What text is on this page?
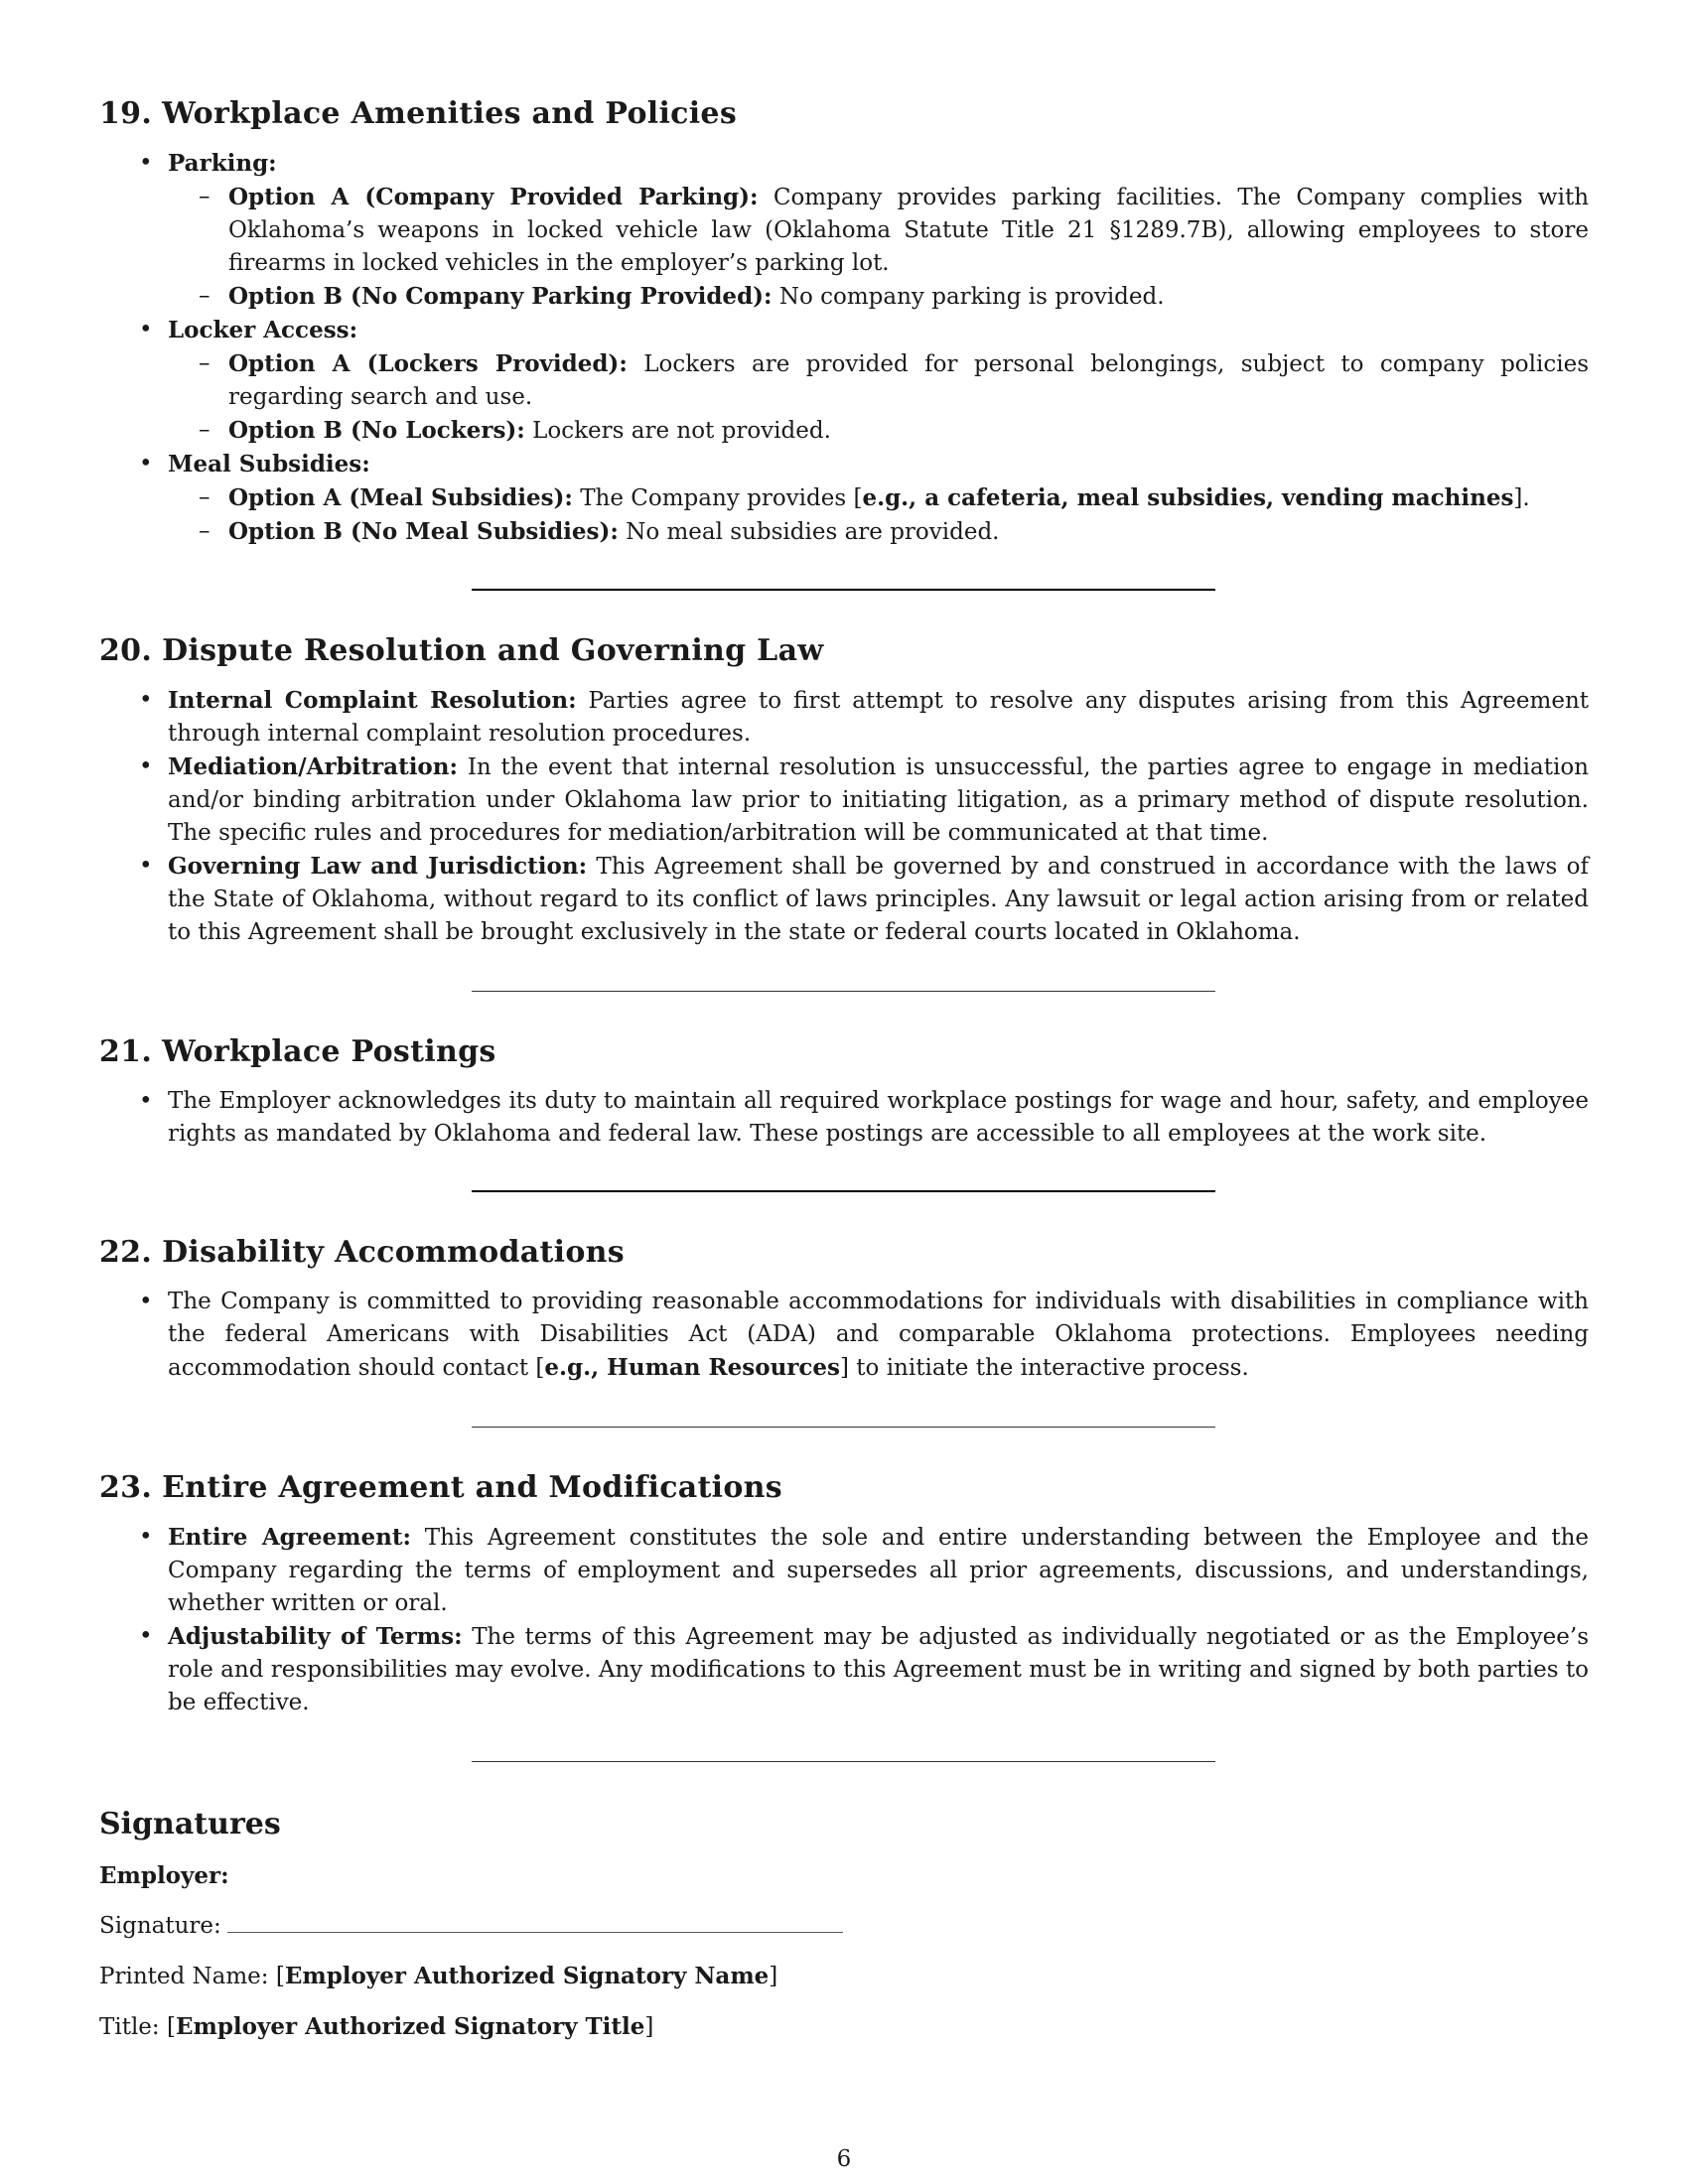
19. Workplace Amenities and Policies
• Parking:
– Option A (Company Provided Parking): Company provides parking facilities. The Company complies with Oklahoma’s weapons in locked vehicle law (Oklahoma Statute Title 21 §1289.7B), allowing employees to store firearms in locked vehicles in the employer’s parking lot.
– Option B (No Company Parking Provided): No company parking is provided.
• Locker Access:
– Option A (Lockers Provided): Lockers are provided for personal belongings, subject to company policies regarding search and use.
– Option B (No Lockers): Lockers are not provided.
• Meal Subsidies:
– Option A (Meal Subsidies): The Company provides [e.g., a cafeteria, meal subsidies, vending machines].
– Option B (No Meal Subsidies): No meal subsidies are provided.
20. Dispute Resolution and Governing Law
• Internal Complaint Resolution: Parties agree to first attempt to resolve any disputes arising from this Agreement through internal complaint resolution procedures.
• Mediation/Arbitration: In the event that internal resolution is unsuccessful, the parties agree to engage in mediation and/or binding arbitration under Oklahoma law prior to initiating litigation, as a primary method of dispute resolution. The specific rules and procedures for mediation/arbitration will be communicated at that time.
• Governing Law and Jurisdiction: This Agreement shall be governed by and construed in accordance with the laws of the State of Oklahoma, without regard to its conflict of laws principles. Any lawsuit or legal action arising from or related to this Agreement shall be brought exclusively in the state or federal courts located in Oklahoma.
21. Workplace Postings
• The Employer acknowledges its duty to maintain all required workplace postings for wage and hour, safety, and employee rights as mandated by Oklahoma and federal law. These postings are accessible to all employees at the work site.
22. Disability Accommodations
• The Company is committed to providing reasonable accommodations for individuals with disabilities in compliance with the federal Americans with Disabilities Act (ADA) and comparable Oklahoma protections. Employees needing accommodation should contact [e.g., Human Resources] to initiate the interactive process.
23. Entire Agreement and Modifications
• Entire Agreement: This Agreement constitutes the sole and entire understanding between the Employee and the Company regarding the terms of employment and supersedes all prior agreements, discussions, and understandings, whether written or oral.
• Adjustability of Terms: The terms of this Agreement may be adjusted as individually negotiated or as the Employee’s role and responsibilities may evolve. Any modifications to this Agreement must be in writing and signed by both parties to be effective.
Signatures

Employer:

Signature:

Printed Name: [Employer Authorized Signatory Name]

Title: [Employer Authorized Signatory Title]

6
